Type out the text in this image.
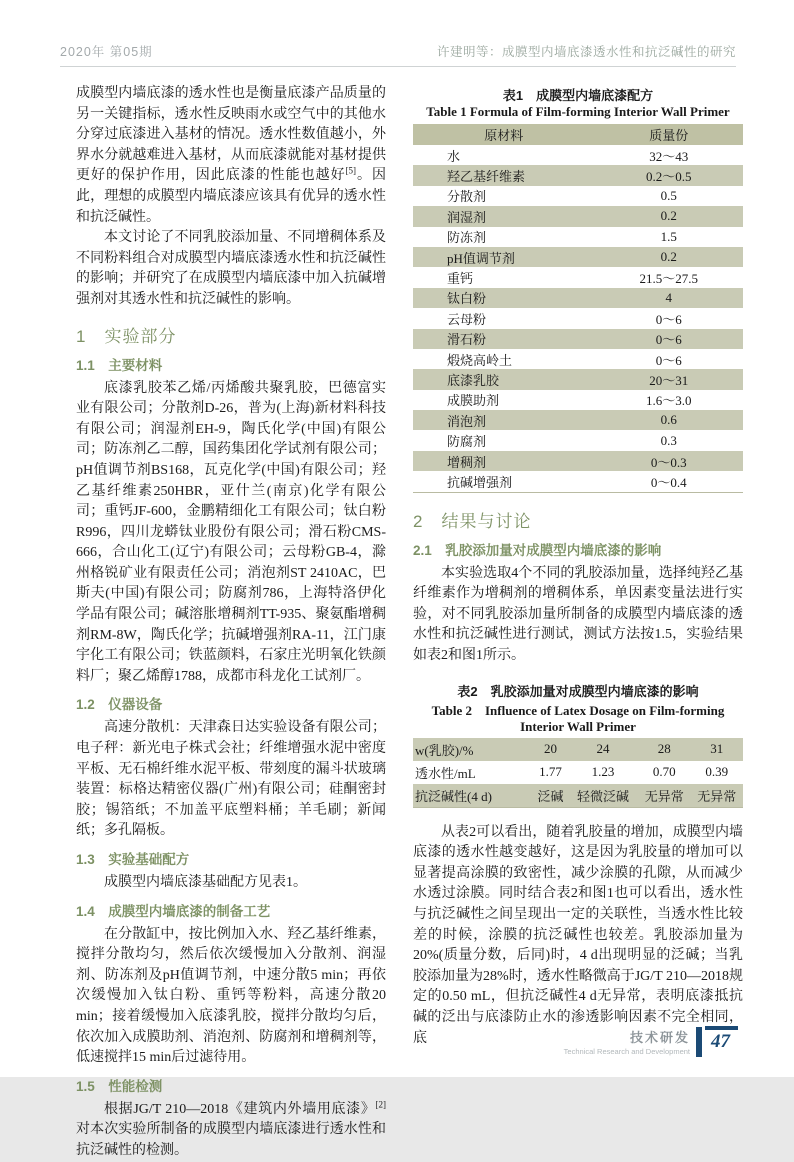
2020年 第05期	许建明等：成膜型内墙底漆透水性和抗泛碱性的研究

成膜型内墙底漆的透水性也是衡量底漆产品质量的另一关键指标，透水性反映雨水或空气中的其他水分穿过底漆进入基材的情况。透水性数值越小，外界水分就越难进入基材，从而底漆就能对基材提供更好的保护作用，因此底漆的性能也越好[5]。因此，理想的成膜型内墙底漆应该具有优异的透水性和抗泛碱性。

本文讨论了不同乳胶添加量、不同增稠体系及不同粉料组合对成膜型内墙底漆透水性和抗泛碱性的影响；并研究了在成膜型内墙底漆中加入抗碱增强剂对其透水性和抗泛碱性的影响。

1　实验部分
1.1　主要材料

底漆乳胶苯乙烯/丙烯酸共聚乳胶，巴德富实业有限公司；分散剂D-26，普为(上海)新材料科技有限公司；润湿剂EH-9，陶氏化学(中国)有限公司；防冻剂乙二醇，国药集团化学试剂有限公司；pH值调节剂BS168，瓦克化学(中国)有限公司；羟乙基纤维素250HBR，亚什兰(南京)化学有限公司；重钙JF-600，金鹏精细化工有限公司；钛白粉R996，四川龙蟒钛业股份有限公司；滑石粉CMS-666，合山化工(辽宁)有限公司；云母粉GB-4，滁州格锐矿业有限责任公司；消泡剂ST 2410AC，巴斯夫(中国)有限公司；防腐剂786，上海特洛伊化学品有限公司；碱溶胀增稠剂TT-935、聚氨酯增稠剂RM-8W，陶氏化学；抗碱增强剂RA-11，江门康宇化工有限公司；铁蓝颜料，石家庄光明氧化铁颜料厂；聚乙烯醇1788，成都市科龙化工试剂厂。

1.2　仪器设备

高速分散机：天津森日达实验设备有限公司；电子秤：新光电子株式会社；纤维增强水泥中密度平板、无石棉纤维水泥平板、带刻度的漏斗状玻璃装置：标格达精密仪器(广州)有限公司；硅酮密封胶；锡箔纸；不加盖平底塑料桶；羊毛刷；新闻纸；多孔隔板。

1.3　实验基础配方

成膜型内墙底漆基础配方见表1。

1.4　成膜型内墙底漆的制备工艺

在分散缸中，按比例加入水、羟乙基纤维素，搅拌分散均匀，然后依次缓慢加入分散剂、润湿剂、防冻剂及pH值调节剂，中速分散5 min；再依次缓慢加入钛白粉、重钙等粉料，高速分散20 min；接着缓慢加入底漆乳胶，搅拌分散均匀后，依次加入成膜助剂、消泡剂、防腐剂和增稠剂等，低速搅拌15 min后过滤待用。

1.5　性能检测

根据JG/T 210—2018《建筑内外墙用底漆》[2]对本次实验所制备的成膜型内墙底漆进行透水性和抗泛碱性的检测。

表1　成膜型内墙底漆配方
Table 1 Formula of Film-forming Interior Wall Primer
原材料	质量份
水	32～43
羟乙基纤维素	0.2～0.5
分散剂	0.5
润湿剂	0.2
防冻剂	1.5
pH值调节剂	0.2
重钙	21.5～27.5
钛白粉	4
云母粉	0～6
滑石粉	0～6
煅烧高岭土	0～6
底漆乳胶	20～31
成膜助剂	1.6～3.0
消泡剂	0.6
防腐剂	0.3
增稠剂	0～0.3
抗碱增强剂	0～0.4
2　结果与讨论
2.1　乳胶添加量对成膜型内墙底漆的影响

本实验选取4个不同的乳胶添加量，选择纯羟乙基纤维素作为增稠剂的增稠体系，单因素变量法进行实验，对不同乳胶添加量所制备的成膜型内墙底漆的透水性和抗泛碱性进行测试，测试方法按1.5，实验结果如表2和图1所示。

表2　乳胶添加量对成膜型内墙底漆的影响
Table 2　Influence of Latex Dosage on Film-forming
Interior Wall Primer
w(乳胶)/%	20	24	28	31
透水性/mL	1.77	1.23	0.70	0.39
抗泛碱性(4 d)	泛碱	轻微泛碱	无异常	无异常

从表2可以看出，随着乳胶量的增加，成膜型内墙底漆的透水性越变越好，这是因为乳胶量的增加可以显著提高涂膜的致密性，减少涂膜的孔隙，从而减少水透过涂膜。同时结合表2和图1也可以看出，透水性与抗泛碱性之间呈现出一定的关联性，当透水性比较差的时候，涂膜的抗泛碱性也较差。乳胶添加量为20%(质量分数，后同)时，4 d出现明显的泛碱；当乳胶添加量为28%时，透水性略微高于JG/T 210—2018规定的0.50 mL，但抗泛碱性4 d无异常，表明底漆抵抗碱的泛出与底漆防止水的渗透影响因素不完全相同，底	技术研发
Technical Research and Development	47
